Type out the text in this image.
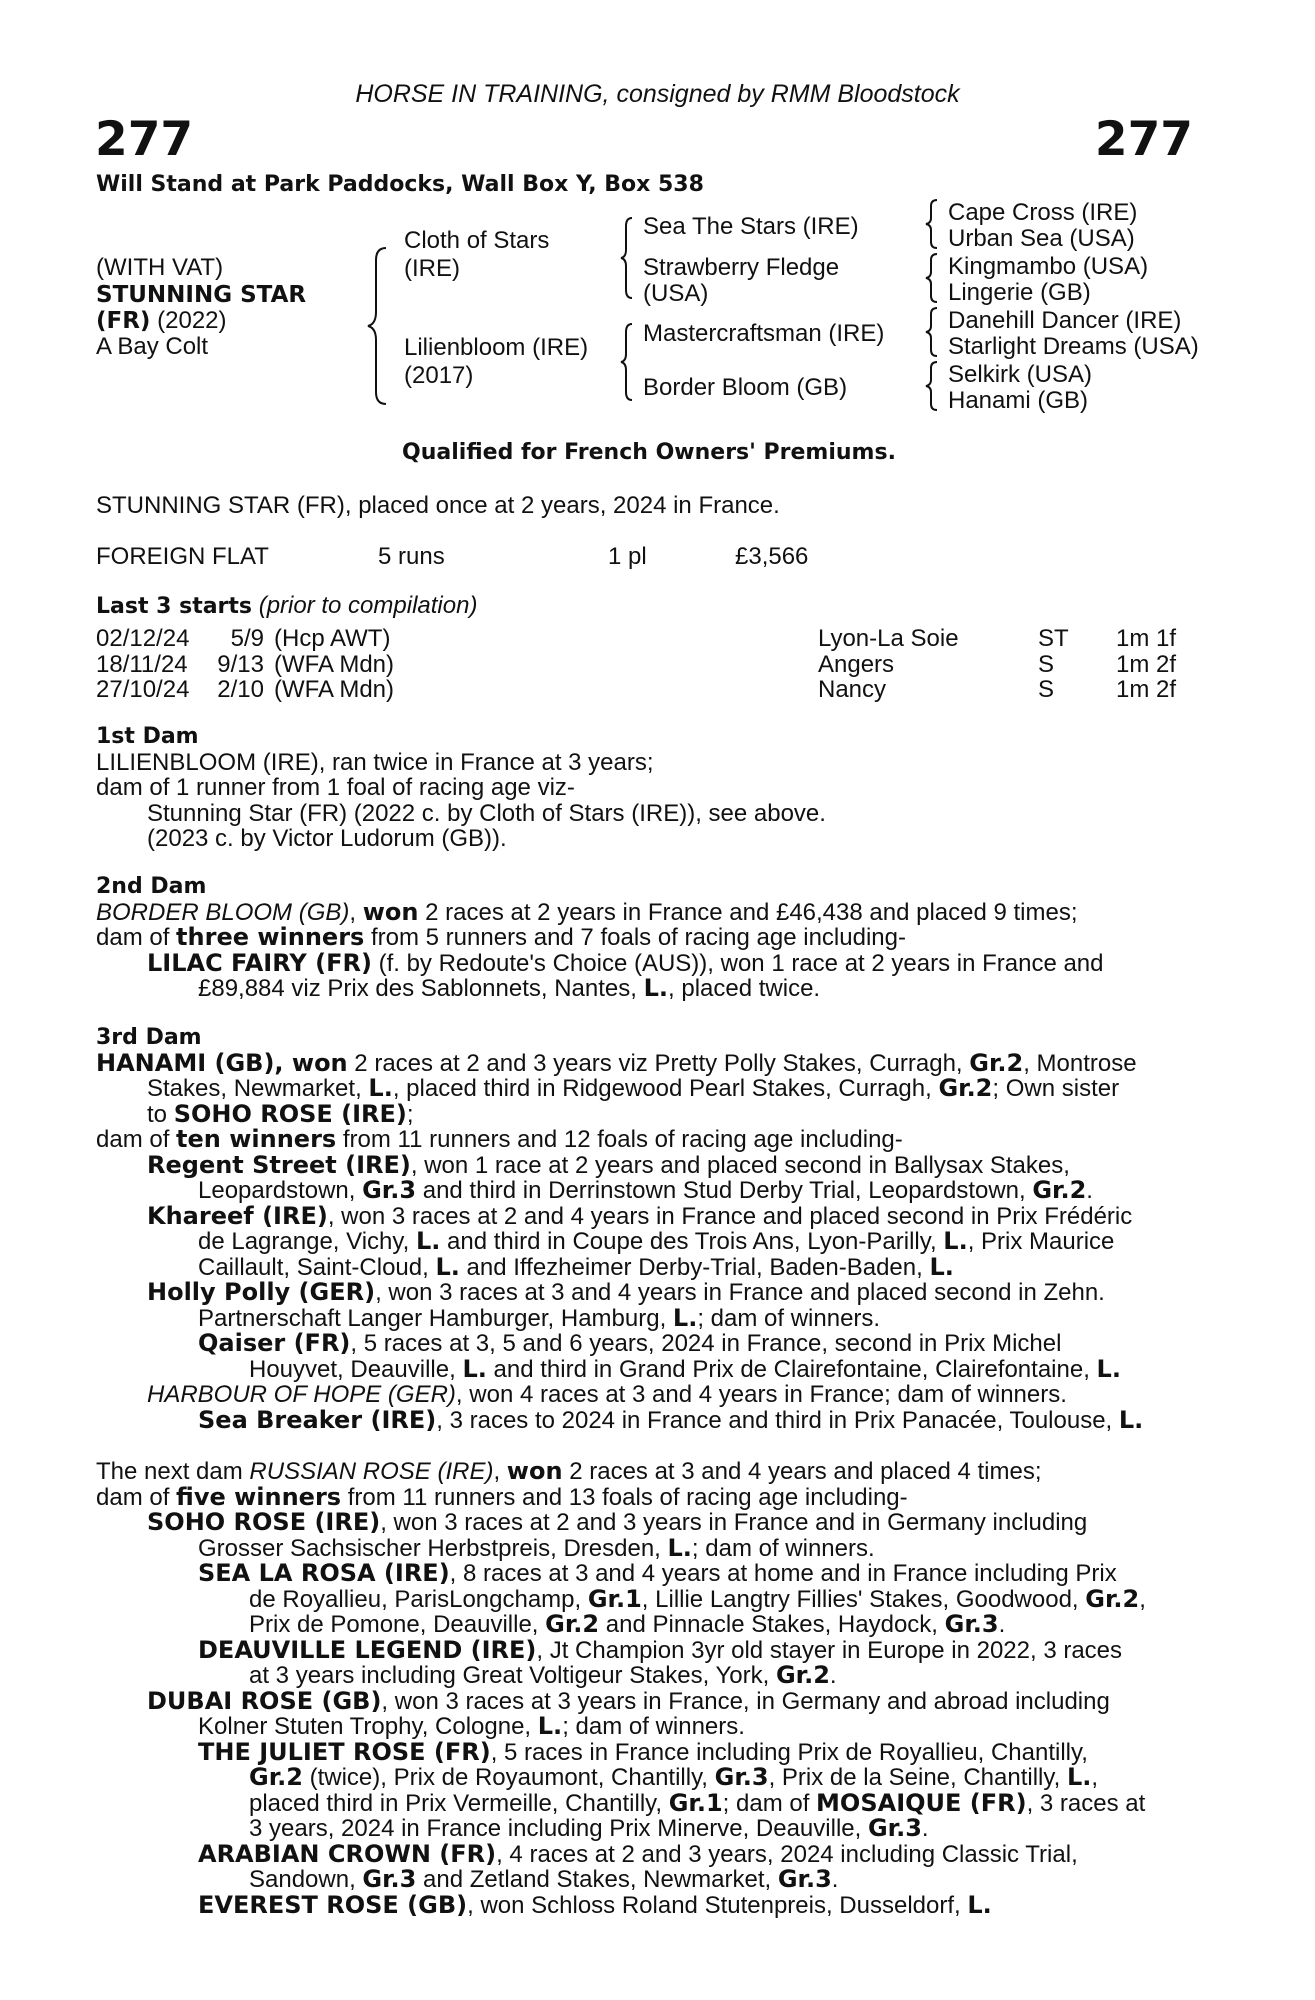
HORSE IN TRAINING, consigned by RMM Bloodstock
277	277
Will Stand at Park Paddocks, Wall Box Y, Box 538
(WITH VAT)
STUNNING STAR
(FR) (2022)
A Bay Colt
Cloth of Stars
(IRE)
Lilienbloom (IRE)
(2017)
Sea The Stars (IRE)
Strawberry Fledge
(USA)
Mastercraftsman (IRE)
Border Bloom (GB)
Cape Cross (IRE)
Urban Sea (USA)
Kingmambo (USA)
Lingerie (GB)
Danehill Dancer (IRE)
Starlight Dreams (USA)
Selkirk (USA)
Hanami (GB)
Qualified for French Owners' Premiums.
STUNNING STAR (FR), placed once at 2 years, 2024 in France.
FOREIGN FLAT	5 runs	1 pl	£3,566
Last 3 starts (prior to compilation)
02/12/24	5/9	(Hcp AWT)	Lyon-La Soie	ST	1m 1f
18/11/24	9/13	(WFA Mdn)	Angers	S	1m 2f
27/10/24	2/10	(WFA Mdn)	Nancy	S	1m 2f
1st Dam
LILIENBLOOM (IRE), ran twice in France at 3 years;
dam of 1 runner from 1 foal of racing age viz-
Stunning Star (FR) (2022 c. by Cloth of Stars (IRE)), see above.
(2023 c. by Victor Ludorum (GB)).
2nd Dam
BORDER BLOOM (GB), won 2 races at 2 years in France and £46,438 and placed 9 times;
dam of three winners from 5 runners and 7 foals of racing age including-
LILAC FAIRY (FR) (f. by Redoute's Choice (AUS)), won 1 race at 2 years in France and
£89,884 viz Prix des Sablonnets, Nantes, L., placed twice.
3rd Dam
HANAMI (GB), won 2 races at 2 and 3 years viz Pretty Polly Stakes, Curragh, Gr.2, Montrose
Stakes, Newmarket, L., placed third in Ridgewood Pearl Stakes, Curragh, Gr.2; Own sister
to SOHO ROSE (IRE);
dam of ten winners from 11 runners and 12 foals of racing age including-
Regent Street (IRE), won 1 race at 2 years and placed second in Ballysax Stakes,
Leopardstown, Gr.3 and third in Derrinstown Stud Derby Trial, Leopardstown, Gr.2.
Khareef (IRE), won 3 races at 2 and 4 years in France and placed second in Prix Frédéric
de Lagrange, Vichy, L. and third in Coupe des Trois Ans, Lyon-Parilly, L., Prix Maurice
Caillault, Saint-Cloud, L. and Iffezheimer Derby-Trial, Baden-Baden, L.
Holly Polly (GER), won 3 races at 3 and 4 years in France and placed second in Zehn.
Partnerschaft Langer Hamburger, Hamburg, L.; dam of winners.
Qaiser (FR), 5 races at 3, 5 and 6 years, 2024 in France, second in Prix Michel
Houyvet, Deauville, L. and third in Grand Prix de Clairefontaine, Clairefontaine, L.
HARBOUR OF HOPE (GER), won 4 races at 3 and 4 years in France; dam of winners.
Sea Breaker (IRE), 3 races to 2024 in France and third in Prix Panacée, Toulouse, L.
The next dam RUSSIAN ROSE (IRE), won 2 races at 3 and 4 years and placed 4 times;
dam of five winners from 11 runners and 13 foals of racing age including-
SOHO ROSE (IRE), won 3 races at 2 and 3 years in France and in Germany including
Grosser Sachsischer Herbstpreis, Dresden, L.; dam of winners.
SEA LA ROSA (IRE), 8 races at 3 and 4 years at home and in France including Prix
de Royallieu, ParisLongchamp, Gr.1, Lillie Langtry Fillies' Stakes, Goodwood, Gr.2,
Prix de Pomone, Deauville, Gr.2 and Pinnacle Stakes, Haydock, Gr.3.
DEAUVILLE LEGEND (IRE), Jt Champion 3yr old stayer in Europe in 2022, 3 races
at 3 years including Great Voltigeur Stakes, York, Gr.2.
DUBAI ROSE (GB), won 3 races at 3 years in France, in Germany and abroad including
Kolner Stuten Trophy, Cologne, L.; dam of winners.
THE JULIET ROSE (FR), 5 races in France including Prix de Royallieu, Chantilly,
Gr.2 (twice), Prix de Royaumont, Chantilly, Gr.3, Prix de la Seine, Chantilly, L.,
placed third in Prix Vermeille, Chantilly, Gr.1; dam of MOSAIQUE (FR), 3 races at
3 years, 2024 in France including Prix Minerve, Deauville, Gr.3.
ARABIAN CROWN (FR), 4 races at 2 and 3 years, 2024 including Classic Trial,
Sandown, Gr.3 and Zetland Stakes, Newmarket, Gr.3.
EVEREST ROSE (GB), won Schloss Roland Stutenpreis, Dusseldorf, L.
